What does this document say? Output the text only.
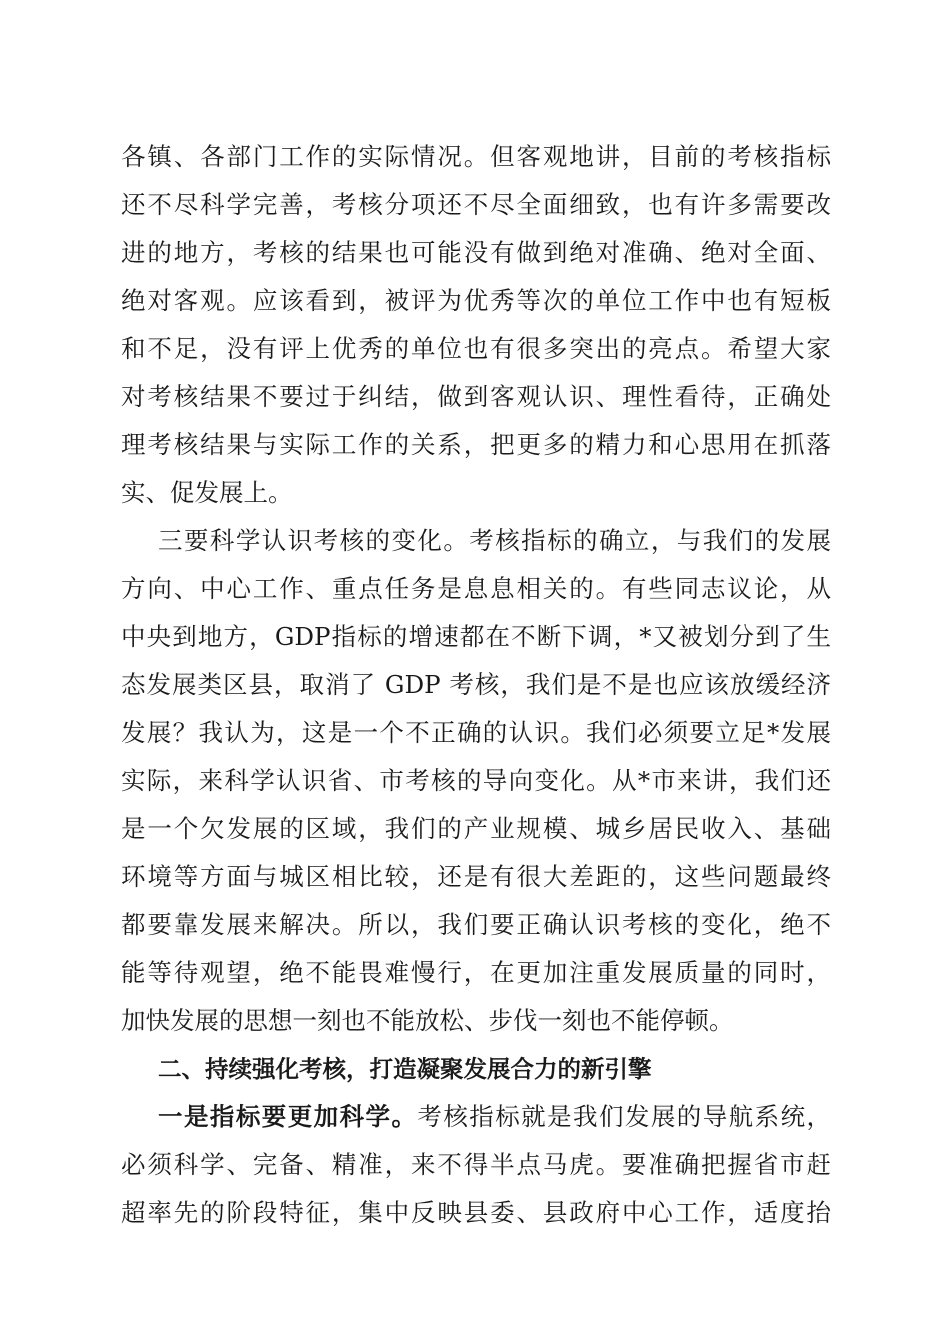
各镇、各部门工作的实际情况。但客观地讲，目前的考核指标
还不尽科学完善，考核分项还不尽全面细致，也有许多需要改
进的地方，考核的结果也可能没有做到绝对准确、绝对全面、
绝对客观。应该看到，被评为优秀等次的单位工作中也有短板
和不足，没有评上优秀的单位也有很多突出的亮点。希望大家
对考核结果不要过于纠结，做到客观认识、理性看待，正确处
理考核结果与实际工作的关系，把更多的精力和心思用在抓落
实、促发展上。
三要科学认识考核的变化。考核指标的确立，与我们的发展
方向、中心工作、重点任务是息息相关的。有些同志议论，从
中央到地方，GDP指标的增速都在不断下调，*又被划分到了生
态发展类区县，取消了 GDP 考核，我们是不是也应该放缓经济
发展？我认为，这是一个不正确的认识。我们必须要立足*发展
实际，来科学认识省、市考核的导向变化。从*市来讲，我们还
是一个欠发展的区域，我们的产业规模、城乡居民收入、基础
环境等方面与城区相比较，还是有很大差距的，这些问题最终
都要靠发展来解决。所以，我们要正确认识考核的变化，绝不
能等待观望，绝不能畏难慢行，在更加注重发展质量的同时，
加快发展的思想一刻也不能放松、步伐一刻也不能停顿。
二、持续强化考核，打造凝聚发展合力的新引擎
一是指标要更加科学。考核指标就是我们发展的导航系统，
必须科学、完备、精准，来不得半点马虎。要准确把握省市赶
超率先的阶段特征，集中反映县委、县政府中心工作，适度抬
